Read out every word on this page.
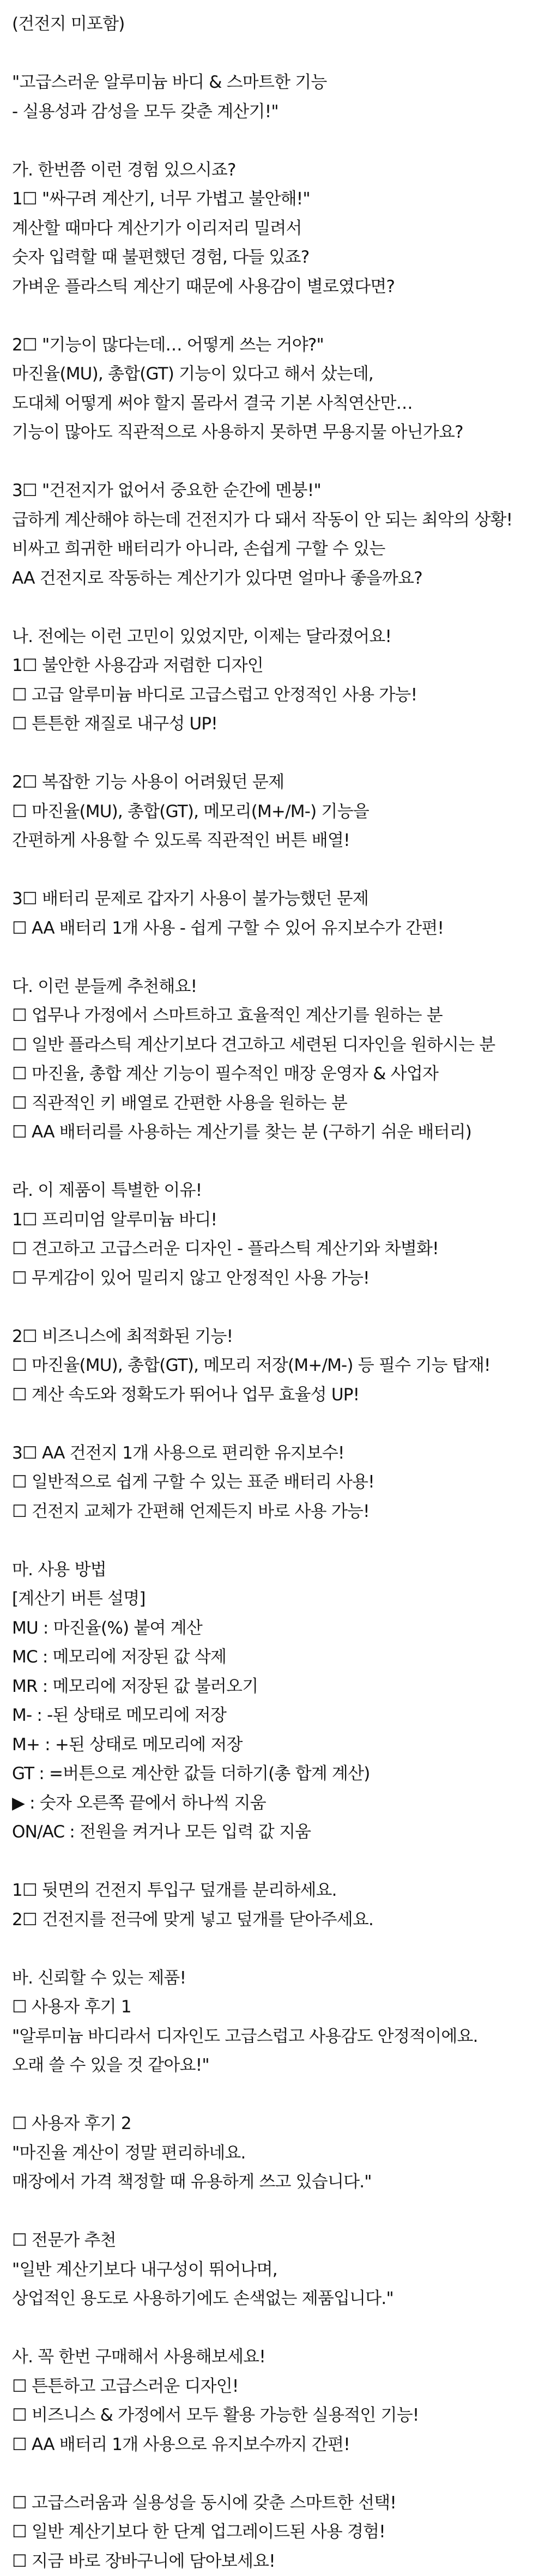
(건전지 미포함)
"고급스러운 알루미늄 바디 & 스마트한 기능
- 실용성과 감성을 모두 갖춘 계산기!"
가. 한번쯤 이런 경험 있으시죠?
1☐ "싸구려 계산기, 너무 가볍고 불안해!"
계산할 때마다 계산기가 이리저리 밀려서
숫자 입력할 때 불편했던 경험, 다들 있죠?
가벼운 플라스틱 계산기 때문에 사용감이 별로였다면?
2☐ "기능이 많다는데… 어떻게 쓰는 거야?"
마진율(MU), 총합(GT) 기능이 있다고 해서 샀는데,
도대체 어떻게 써야 할지 몰라서 결국 기본 사칙연산만…
기능이 많아도 직관적으로 사용하지 못하면 무용지물 아닌가요?
3☐ "건전지가 없어서 중요한 순간에 멘붕!"
급하게 계산해야 하는데 건전지가 다 돼서 작동이 안 되는 최악의 상황!
비싸고 희귀한 배터리가 아니라, 손쉽게 구할 수 있는
AA 건전지로 작동하는 계산기가 있다면 얼마나 좋을까요?
나. 전에는 이런 고민이 있었지만, 이제는 달라졌어요!
1☐ 불안한 사용감과 저렴한 디자인
☐ 고급 알루미늄 바디로 고급스럽고 안정적인 사용 가능!
☐ 튼튼한 재질로 내구성 UP!
2☐ 복잡한 기능 사용이 어려웠던 문제
☐ 마진율(MU), 총합(GT), 메모리(M+/M-) 기능을
간편하게 사용할 수 있도록 직관적인 버튼 배열!
3☐ 배터리 문제로 갑자기 사용이 불가능했던 문제
☐ AA 배터리 1개 사용 - 쉽게 구할 수 있어 유지보수가 간편!
다. 이런 분들께 추천해요!
☐ 업무나 가정에서 스마트하고 효율적인 계산기를 원하는 분
☐ 일반 플라스틱 계산기보다 견고하고 세련된 디자인을 원하시는 분
☐ 마진율, 총합 계산 기능이 필수적인 매장 운영자 & 사업자
☐ 직관적인 키 배열로 간편한 사용을 원하는 분
☐ AA 배터리를 사용하는 계산기를 찾는 분 (구하기 쉬운 배터리)
라. 이 제품이 특별한 이유!
1☐ 프리미엄 알루미늄 바디!
☐ 견고하고 고급스러운 디자인 - 플라스틱 계산기와 차별화!
☐ 무게감이 있어 밀리지 않고 안정적인 사용 가능!
2☐ 비즈니스에 최적화된 기능!
☐ 마진율(MU), 총합(GT), 메모리 저장(M+/M-) 등 필수 기능 탑재!
☐ 계산 속도와 정확도가 뛰어나 업무 효율성 UP!
3☐ AA 건전지 1개 사용으로 편리한 유지보수!
☐ 일반적으로 쉽게 구할 수 있는 표준 배터리 사용!
☐ 건전지 교체가 간편해 언제든지 바로 사용 가능!
마. 사용 방법
[계산기 버튼 설명]
MU : 마진율(%) 붙여 계산
MC : 메모리에 저장된 값 삭제
MR : 메모리에 저장된 값 불러오기
M- : -된 상태로 메모리에 저장
M+ : +된 상태로 메모리에 저장
GT : =버튼으로 계산한 값들 더하기(총 합계 계산)
▶ : 숫자 오른쪽 끝에서 하나씩 지움
ON/AC : 전원을 켜거나 모든 입력 값 지움
1☐ 뒷면의 건전지 투입구 덮개를 분리하세요.
2☐ 건전지를 전극에 맞게 넣고 덮개를 닫아주세요.
바. 신뢰할 수 있는 제품!
☐ 사용자 후기 1
"알루미늄 바디라서 디자인도 고급스럽고 사용감도 안정적이에요.
오래 쓸 수 있을 것 같아요!"
☐ 사용자 후기 2
"마진율 계산이 정말 편리하네요.
매장에서 가격 책정할 때 유용하게 쓰고 있습니다."
☐ 전문가 추천
"일반 계산기보다 내구성이 뛰어나며,
상업적인 용도로 사용하기에도 손색없는 제품입니다."
사. 꼭 한번 구매해서 사용해보세요!
☐ 튼튼하고 고급스러운 디자인!
☐ 비즈니스 & 가정에서 모두 활용 가능한 실용적인 기능!
☐ AA 배터리 1개 사용으로 유지보수까지 간편!
☐ 고급스러움과 실용성을 동시에 갖춘 스마트한 선택!
☐ 일반 계산기보다 한 단계 업그레이드된 사용 경험!
☐ 지금 바로 장바구니에 담아보세요!
